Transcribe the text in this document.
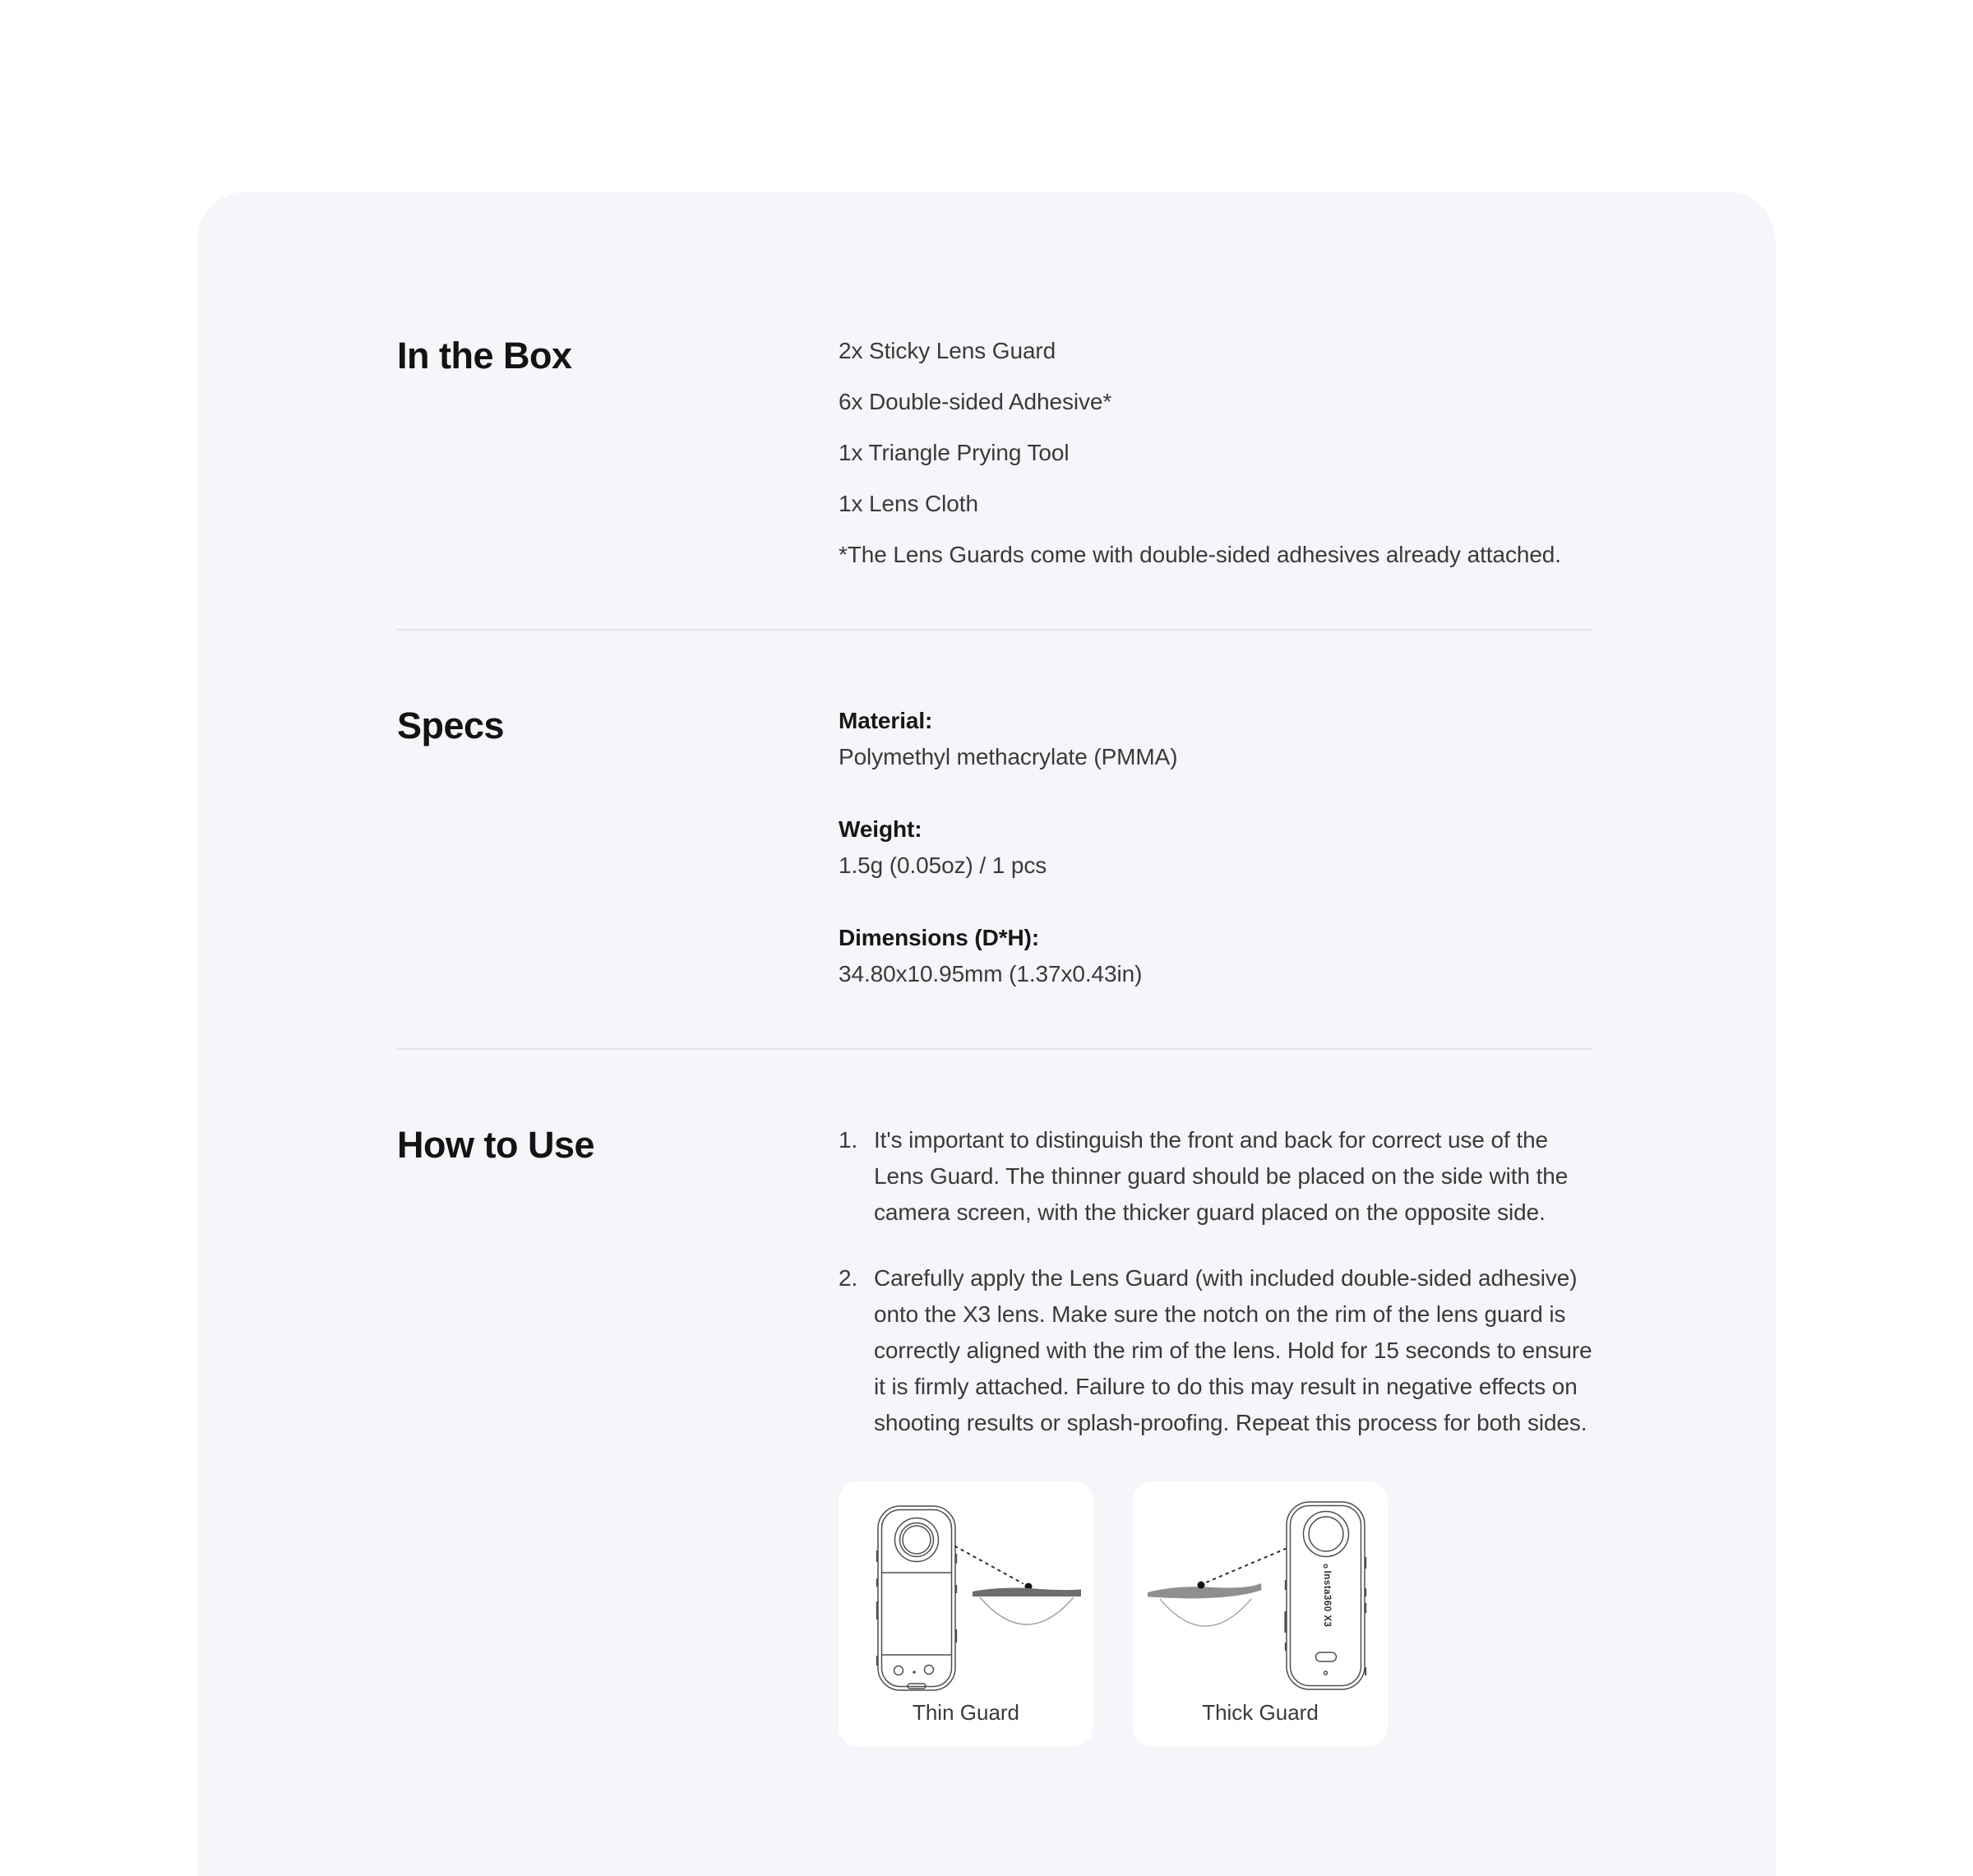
In the Box	2x Sticky Lens Guard

6x Double-sided Adhesive*

1x Triangle Prying Tool

1x Lens Cloth

*The Lens Guards come with double-sided adhesives already attached.

Specs	Material:
Polymethyl methacrylate (PMMA)
Weight:
1.5g (0.05oz) / 1 pcs
Dimensions (D*H):
34.80x10.95mm (1.37x0.43in)
How to Use	1. It's important to distinguish the front and back for correct use of the Lens Guard. The thinner guard should be placed on the side with the camera screen, with the thicker guard placed on the opposite side.
2. Carefully apply the Lens Guard (with included double-sided adhesive) onto the X3 lens. Make sure the notch on the rim of the lens guard is correctly aligned with the rim of the lens. Hold for 15 seconds to ensure it is firmly attached. Failure to do this may result in negative effects on shooting results or splash-proofing. Repeat this process for both sides.
Thin Guard
Insta360 X3
Thick Guard
